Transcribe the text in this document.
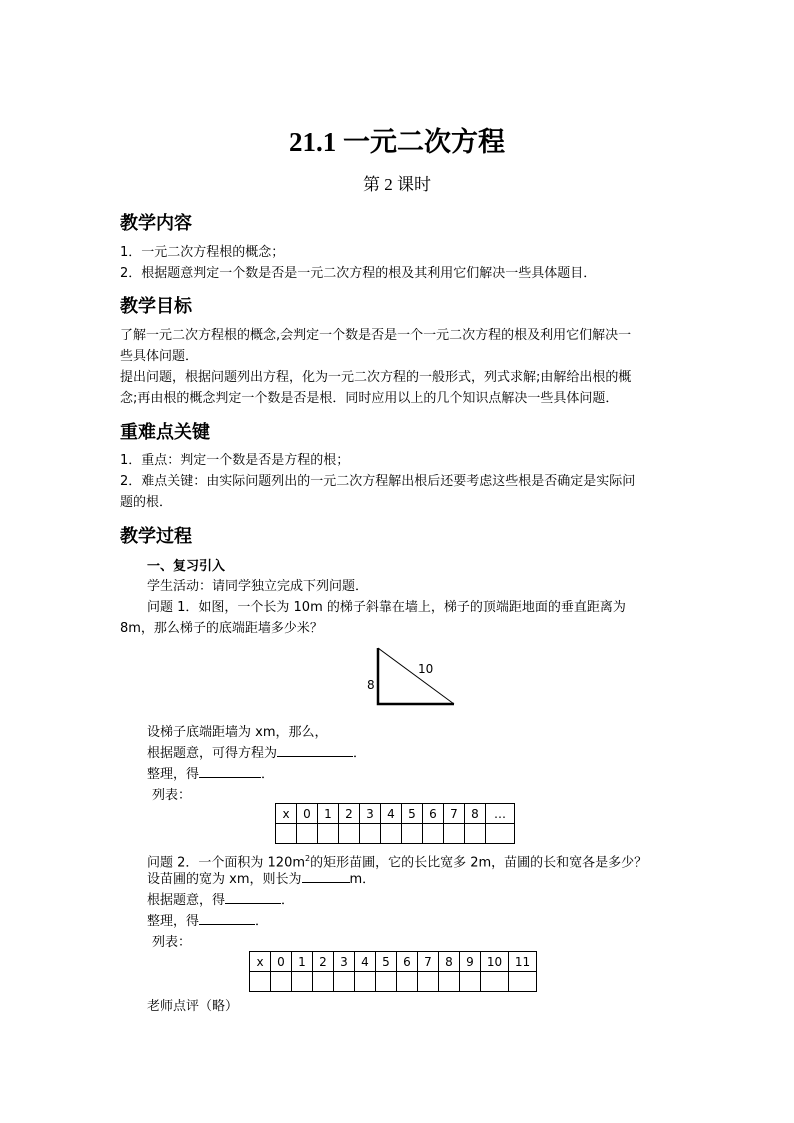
21.1 一元二次方程
第 2 课时
教学内容
1．一元二次方程根的概念；
2．根据题意判定一个数是否是一元二次方程的根及其利用它们解决一些具体题目．
教学目标
了解一元二次方程根的概念,会判定一个数是否是一个一元二次方程的根及利用它们解决一
些具体问题．
提出问题，根据问题列出方程，化为一元二次方程的一般形式，列式求解;由解给出根的概
念;再由根的概念判定一个数是否是根．同时应用以上的几个知识点解决一些具体问题．
重难点关键
1．重点：判定一个数是否是方程的根；
2．难点关键：由实际问题列出的一元二次方程解出根后还要考虑这些根是否确定是实际问
题的根．
教学过程
一、复习引入
学生活动：请同学独立完成下列问题．
问题 1．如图，一个长为 10m 的梯子斜靠在墙上，梯子的顶端距地面的垂直距离为
8m，那么梯子的底端距墙多少米？
8
10
设梯子底端距墙为 xm，那么，
根据题意，可得方程为	．
整理，得	．
列表：
x	0	1	2	3	4	5	6	7	8	…

问题 2．一个面积为 $120m^2$的矩形苗圃，它的长比宽多 2m，苗圃的长和宽各是多少？
设苗圃的宽为 xm，则长为	m．
根据题意，得	．
整理，得	．
列表：
x	0	1	2	3	4	5	6	7	8	9	10	11

老师点评（略）
